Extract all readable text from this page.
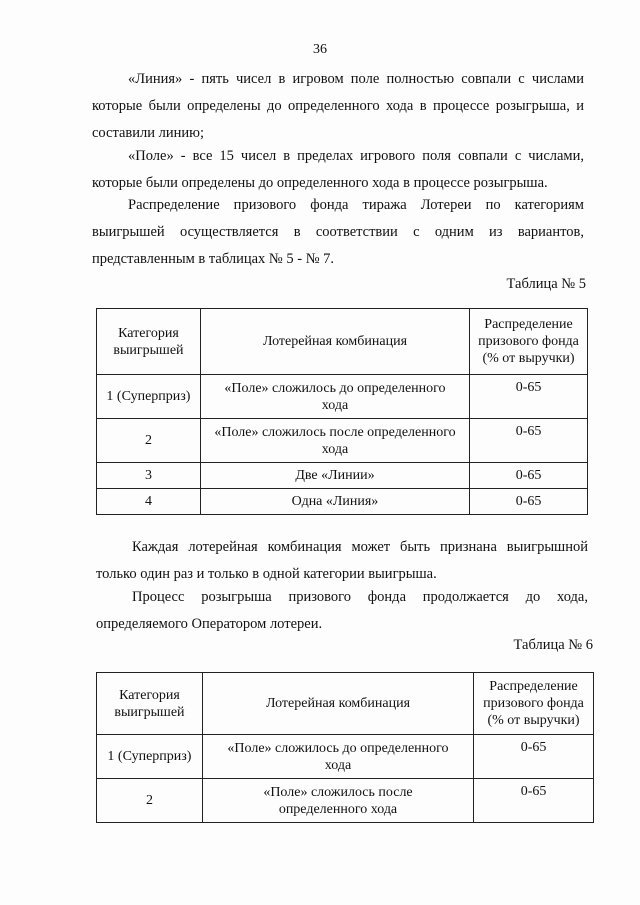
36
«Линия» - пять чисел в игровом поле полностью совпали с числами
которые были определены до определенного хода в процессе розыгрыша, и
составили линию;
«Поле» - все 15 чисел в пределах игрового поля совпали с числами,
которые были определены до определенного хода в процессе розыгрыша.
Распределение призового фонда тиража Лотереи по категориям
выигрышей осуществляется в соответствии с одним из вариантов,
представленным в таблицах № 5 - № 7.
Таблица № 5
Категория
выигрышей	Лотерейная комбинация	Распределение
призового фонда
(% от выручки)
1 (Суперприз)	«Поле» сложилось до определенного
хода	0-65
2	«Поле» сложилось после определенного
хода	0-65
3	Две «Линии»	0-65
4	Одна «Линия»	0-65
Каждая лотерейная комбинация может быть признана выигрышной
только один раз и только в одной категории выигрыша.
Процесс розыгрыша призового фонда продолжается до хода,
определяемого Оператором лотереи.
Таблица № 6
Категория
выигрышей	Лотерейная комбинация	Распределение
призового фонда
(% от выручки)
1 (Суперприз)	«Поле» сложилось до определенного
хода	0-65
2	«Поле» сложилось после
определенного хода	0-65
